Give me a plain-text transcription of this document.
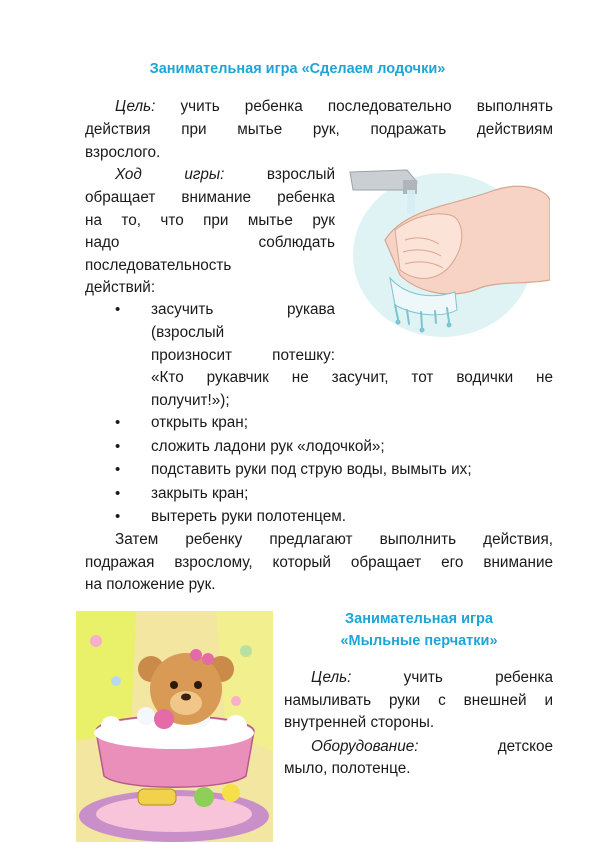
Занимательная игра «Сделаем лодочки»
Цель: учить ребенка последовательно выполнять
действия при мытье рук, подражать действиям
взрослого.
Ход игры:	взрослый
обращает внимание ребенка
на то, что при мытье рук
надо соблюдать
последовательность
действий:
• засучить рукава
(взрослый
произносит потешку:
«Кто рукавчик не засучит, тот водички не
получит!»);
• открыть кран;
• сложить ладони рук «лодочкой»;
• подставить руки под струю воды, вымыть их;
• закрыть кран;
• вытереть руки полотенцем.
Затем ребенку предлагают выполнить действия,
подражая взрослому, который обращает его внимание
на положение рук.
Занимательная игра
«Мыльные перчатки»
Цель:	учить ребенка
намыливать руки с внешней и
внутренней стороны.
Оборудование:	детское
мыло, полотенце.
